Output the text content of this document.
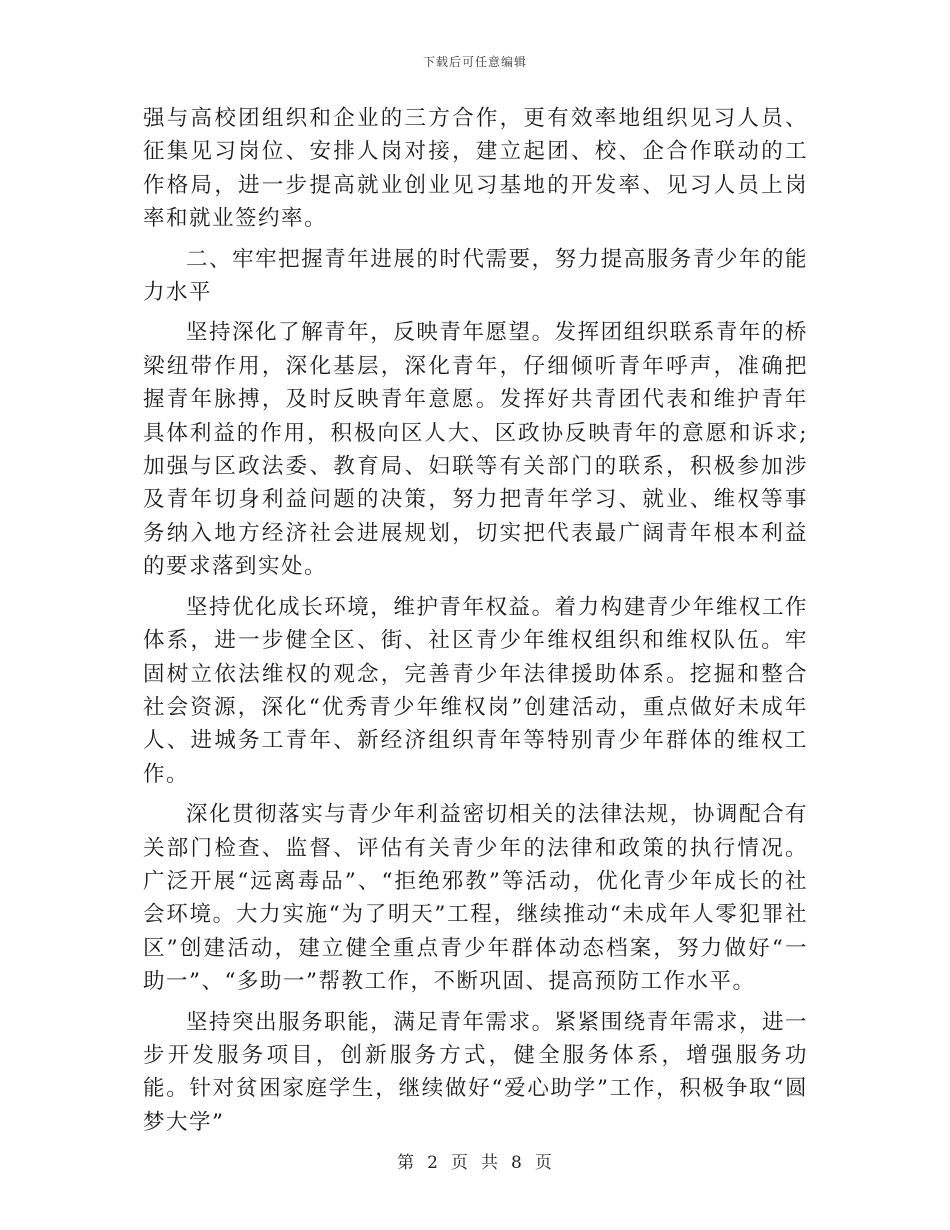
下载后可任意编辑

强与高校团组织和企业的三方合作，更有效率地组织见习人员、征集见习岗位、安排人岗对接，建立起团、校、企合作联动的工作格局，进一步提高就业创业见习基地的开发率、见习人员上岗率和就业签约率。

二、牢牢把握青年进展的时代需要，努力提高服务青少年的能力水平

坚持深化了解青年，反映青年愿望。发挥团组织联系青年的桥梁纽带作用，深化基层，深化青年，仔细倾听青年呼声，准确把握青年脉搏，及时反映青年意愿。发挥好共青团代表和维护青年具体利益的作用，积极向区人大、区政协反映青年的意愿和诉求;加强与区政法委、教育局、妇联等有关部门的联系，积极参加涉及青年切身利益问题的决策，努力把青年学习、就业、维权等事务纳入地方经济社会进展规划，切实把代表最广阔青年根本利益的要求落到实处。

坚持优化成长环境，维护青年权益。着力构建青少年维权工作体系，进一步健全区、街、社区青少年维权组织和维权队伍。牢固树立依法维权的观念，完善青少年法律援助体系。挖掘和整合社会资源，深化“优秀青少年维权岗”创建活动，重点做好未成年人、进城务工青年、新经济组织青年等特别青少年群体的维权工作。

深化贯彻落实与青少年利益密切相关的法律法规，协调配合有关部门检查、监督、评估有关青少年的法律和政策的执行情况。广泛开展“远离毒品”、“拒绝邪教”等活动，优化青少年成长的社会环境。大力实施“为了明天”工程，继续推动“未成年人零犯罪社区”创建活动，建立健全重点青少年群体动态档案，努力做好“一助一”、“多助一”帮教工作，不断巩固、提高预防工作水平。

坚持突出服务职能，满足青年需求。紧紧围绕青年需求，进一步开发服务项目，创新服务方式，健全服务体系，增强服务功能。针对贫困家庭学生，继续做好“爱心助学”工作，积极争取“圆梦大学”

第 2 页 共 8 页
